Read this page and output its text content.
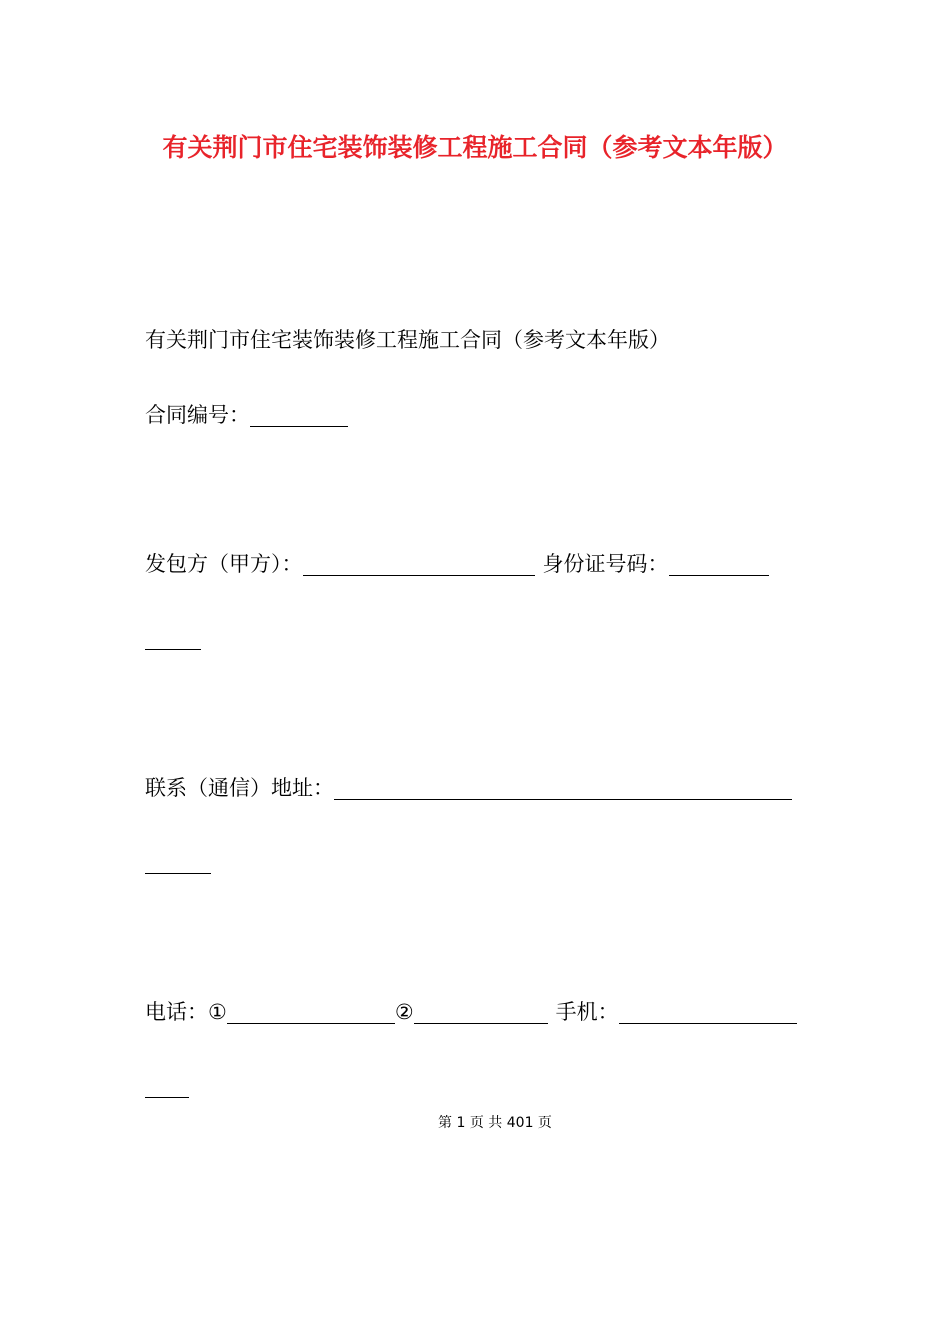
有关荆门市住宅装饰装修工程施工合同（参考文本年版）
有关荆门市住宅装饰装修工程施工合同（参考文本年版）
合同编号：
发包方（甲方）：	身份证号码：
联系（通信）地址：
电话：①	②	手机：
第 1 页 共 401 页
